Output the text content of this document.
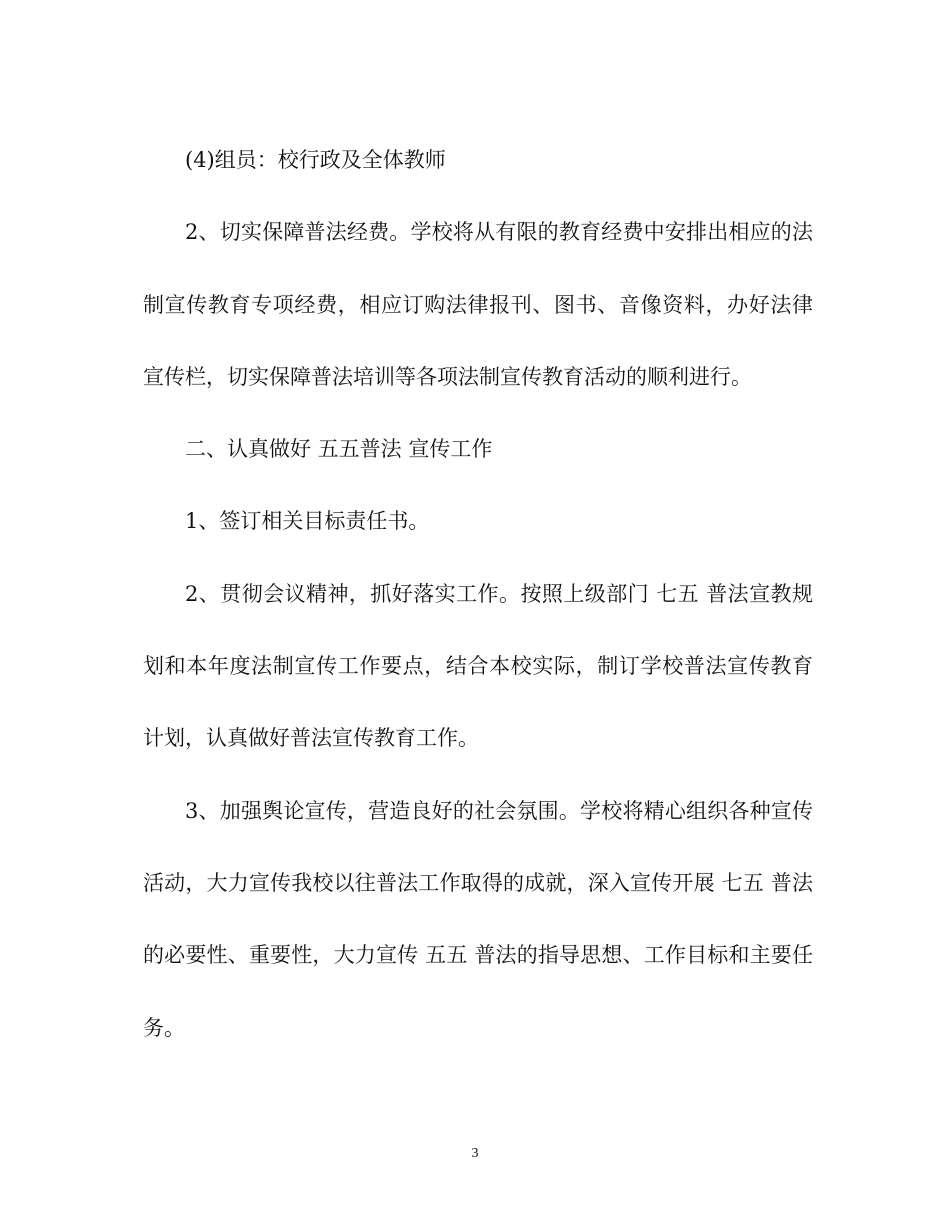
(4)组员：校行政及全体教师

2、切实保障普法经费。学校将从有限的教育经费中安排出相应的法制宣传教育专项经费，相应订购法律报刊、图书、音像资料，办好法律宣传栏，切实保障普法培训等各项法制宣传教育活动的顺利进行。

二、认真做好 五五普法 宣传工作

1、签订相关目标责任书。

2、贯彻会议精神，抓好落实工作。按照上级部门 七五 普法宣教规划和本年度法制宣传工作要点，结合本校实际，制订学校普法宣传教育计划，认真做好普法宣传教育工作。

3、加强舆论宣传，营造良好的社会氛围。学校将精心组织各种宣传活动，大力宣传我校以往普法工作取得的成就，深入宣传开展 七五 普法的必要性、重要性，大力宣传 五五 普法的指导思想、工作目标和主要任务。

3
